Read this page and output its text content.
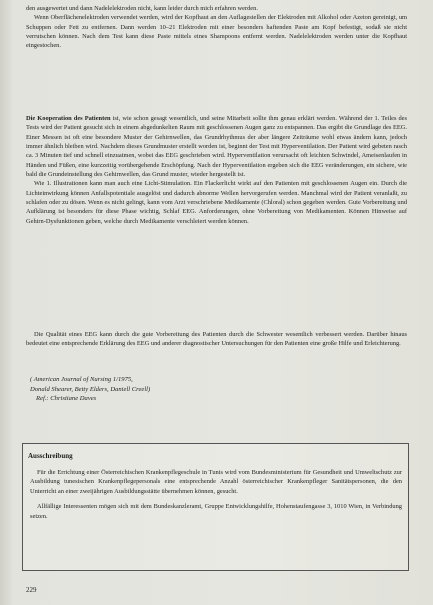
den ausgewertet und dann Nadelelektroden nicht, kann leider durch mich erfahren werden.

Wenn Oberflächenelektroden verwendet werden, wird der Kopfhaut an den Auflagestellen der Elektroden mit Alkohol oder Azeton gereinigt, um Schuppen oder Fett zu entfernen. Dann werden 10–21 Elektroden mit einer besonders haftenden Paste am Kopf befestigt, sodaß sie nicht verrutschen können. Nach dem Test kann diese Paste mittels eines Shampoons entfernt werden. Nadelelektroden werden unter die Kopfhaut eingestochen.

Die Kooperation des Patienten ist, wie schon gesagt wesentlich, und seine Mitarbeit sollte ihm genau erklärt werden. Während der 1. Teiles des Tests wird der Patient gesucht sich in einem abgedunkelten Raum mit geschlossenen Augen ganz zu entspannen. Das ergibt die Grundlage des EEG. Einer Messen ist oft eine besondere Muster der Gehirnwellen, das Grundrhythmus der aber längere Zeiträume wohl etwas ändern kann, jedoch immer ähnlich bleiben wird. Nachdem dieses Grundmuster erstellt worden ist, beginnt der Test mit Hyperventilation. Der Patient wird gebeten rasch ca. 3 Minuten tief und schnell einzuatmen, wobei das EEG geschrieben wird. Hyperventilation verursacht oft leichten Schwindel, Ameisenlaufen in Händen und Füßen, eine kurzzeitig vorübergehende Erschöpfung. Nach der Hyperventilation ergeben sich die EEG veränderungen, ein sichere, wie bald die Grundeinstellung des Gehirnwellen, das Grund muster, wieder hergestellt ist.

Wie 1. Illustrationen kann man auch eine Licht-Stimulation. Ein Flackerlicht wirkt auf den Patienten mit geschlossenen Augen ein. Durch die Lichteinwirkung können Anfallspotentiale ausgelöst und dadurch abnorme Wellen hervorgerufen werden. Manchmal wird der Patient veranlaßt, zu schlafen oder zu dösen. Wenn es nicht gelingt, kann vom Arzt verschriebene Medikamente (Chloral) schon gegeben werden. Gute Vorbereitung und Aufklärung ist besonders für diese Phase wichtig, Schlaf EEG. Anforderungen, ohne Vorbereitung von Medikamenten. Können Hinweise auf Gehirn-Dysfunktionen geben, welche durch Medikamente verschleiert werden können.

Die Qualität eines EEG kann durch die gute Vorbereitung des Patienten durch die Schwester wesentlich verbessert werden. Darüber hinaus bedeutet eine entsprechende Erklärung des EEG und anderer diagnostischer Untersuchungen für den Patienten eine große Hilfe und Erleichterung.

( American Journal of Nursing 1/1975,
Donald Shearer, Betty Elders, Daniell Creell)
Ref.: Christiane Daves
Ausschreibung

Für die Errichtung einer Österreichischen Krankenpflegeschule in Tunis wird vom Bundesministerium für Gesundheit und Umweltschutz zur Ausbildung tunesischen Krankenpflegepersonals eine entsprechende Anzahl österreichischer Krankenpfleger Sanitätspersonen, die den Unterricht an einer zweijährigen Ausbildungsstätte übernehmen können, gesucht.

Allfällige Interessenten mögen sich mit dem Bundeskanzleramt, Gruppe Entwicklungshilfe, Hohenstaufengasse 3, 1010 Wien, in Verbindung setzen.

229
